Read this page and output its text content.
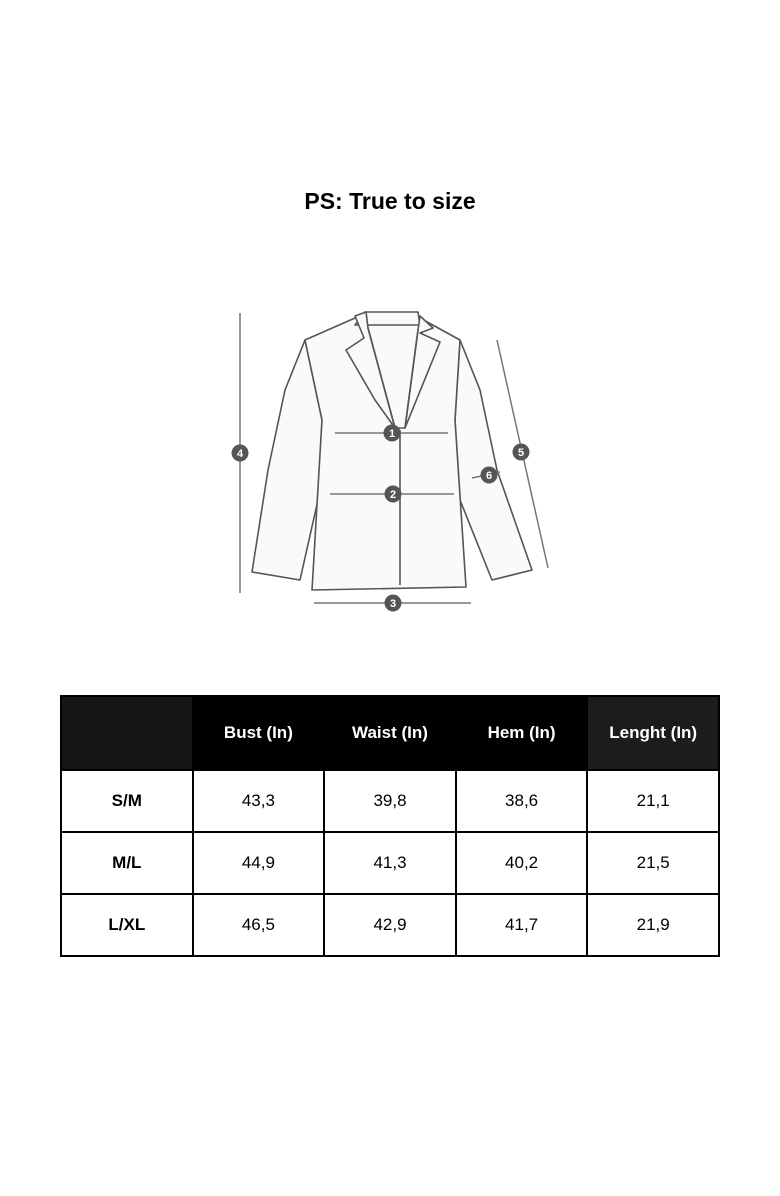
PS: True to size
1
2
3
4	5
6
	Bust (In)	Waist (In)	Hem (In)	Lenght (In)
S/M	43,3	39,8	38,6	21,1
M/L	44,9	41,3	40,2	21,5
L/XL	46,5	42,9	41,7	21,9
